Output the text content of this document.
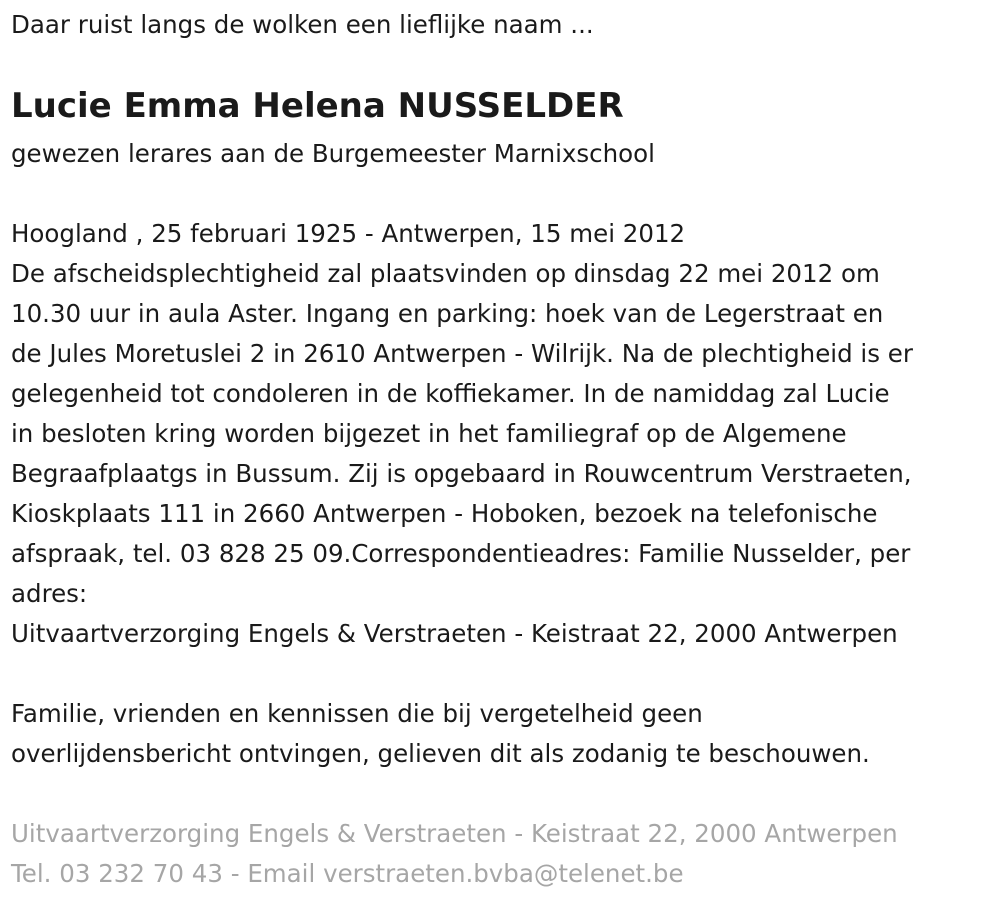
Daar ruist langs de wolken een lieflijke naam ...
Lucie Emma Helena NUSSELDER
gewezen lerares aan de Burgemeester Marnixschool
Hoogland , 25 februari 1925 - Antwerpen, 15 mei 2012
De afscheidsplechtigheid zal plaatsvinden op dinsdag 22 mei 2012 om
10.30 uur in aula Aster. Ingang en parking: hoek van de Legerstraat en
de Jules Moretuslei 2 in 2610 Antwerpen - Wilrijk. Na de plechtigheid is er
gelegenheid tot condoleren in de koffiekamer. In de namiddag zal Lucie
in besloten kring worden bijgezet in het familiegraf op de Algemene
Begraafplaatgs in Bussum. Zij is opgebaard in Rouwcentrum Verstraeten,
Kioskplaats 111 in 2660 Antwerpen - Hoboken, bezoek na telefonische
afspraak, tel. 03 828 25 09.Correspondentieadres: Familie Nusselder, per
adres:
Uitvaartverzorging Engels & Verstraeten - Keistraat 22, 2000 Antwerpen
Familie, vrienden en kennissen die bij vergetelheid geen
overlijdensbericht ontvingen, gelieven dit als zodanig te beschouwen.
Uitvaartverzorging Engels & Verstraeten - Keistraat 22, 2000 Antwerpen
Tel. 03 232 70 43 - Email verstraeten.bvba@telenet.be
